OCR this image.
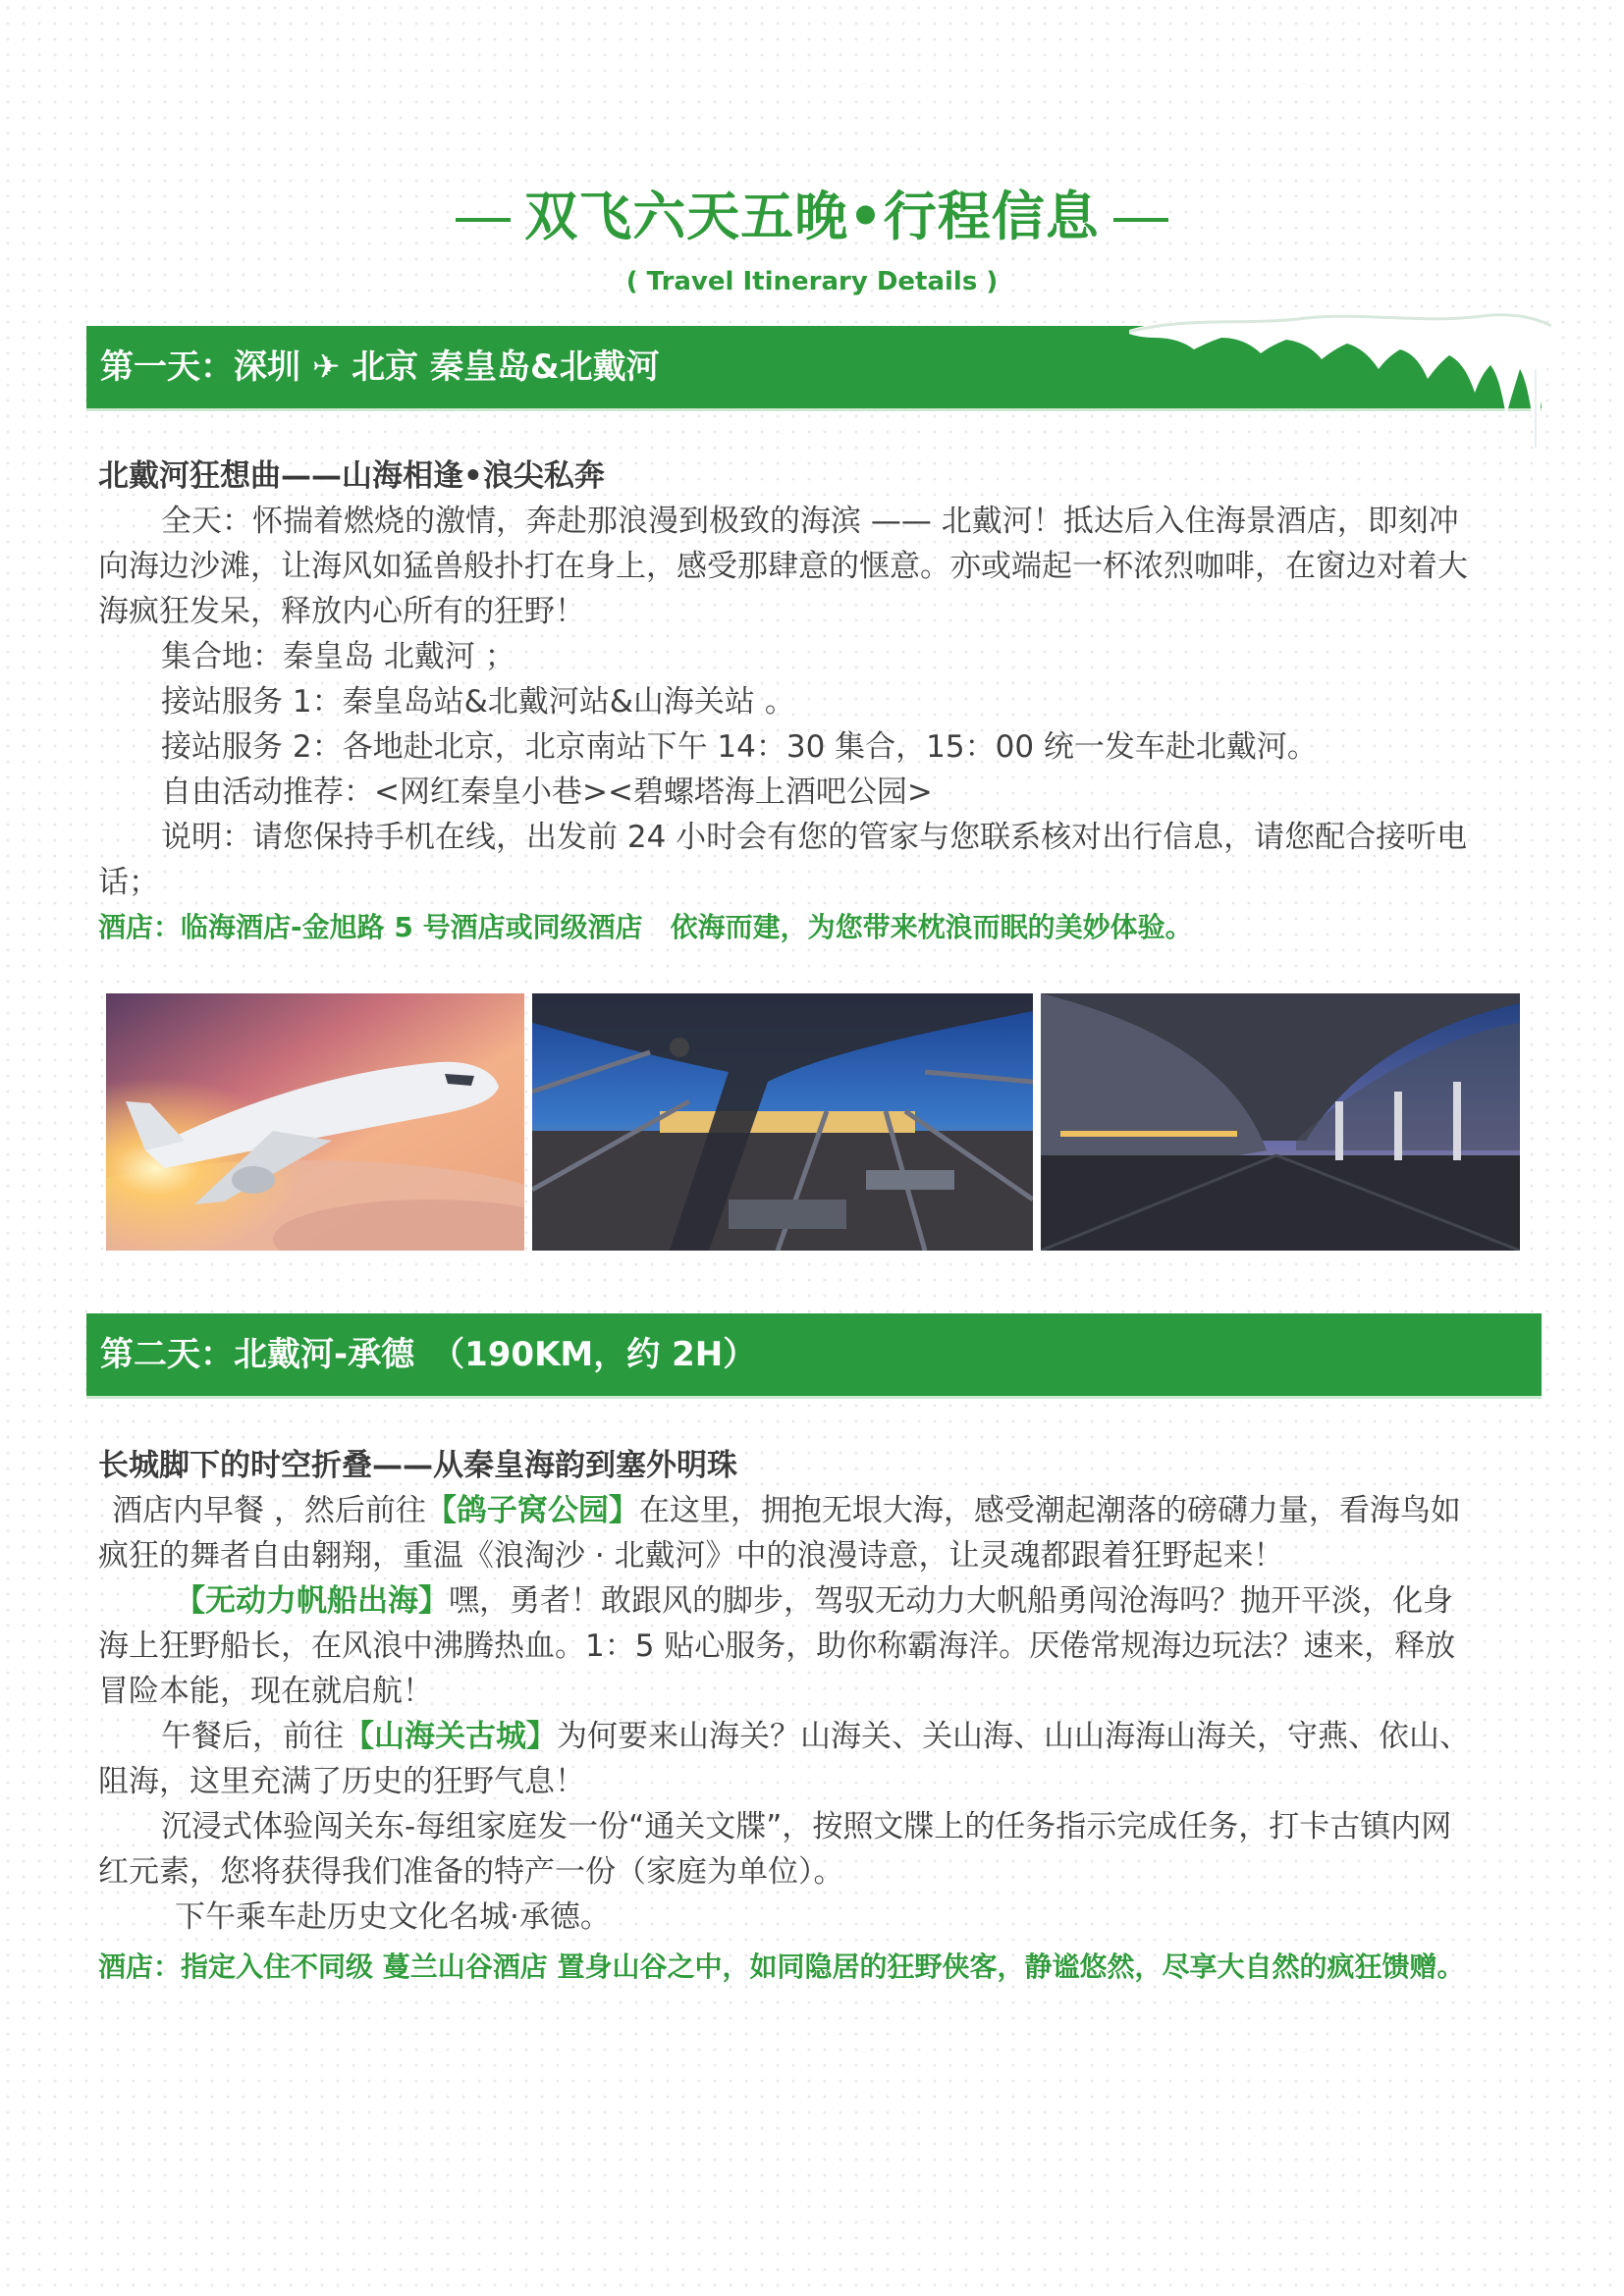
双飞六天五晚•行程信息
( Travel Itinerary Details )
第一天：深圳 ✈ 北京 秦皇岛&北戴河

北戴河狂想曲——山海相逢•浪尖私奔

全天：怀揣着燃烧的激情，奔赴那浪漫到极致的海滨 —— 北戴河！抵达后入住海景酒店，即刻冲向海边沙滩，让海风如猛兽般扑打在身上，感受那肆意的惬意。亦或端起一杯浓烈咖啡，在窗边对着大海疯狂发呆，释放内心所有的狂野！

集合地：秦皇岛 北戴河 ；

接站服务 1：秦皇岛站&北戴河站&山海关站 。

接站服务 2：各地赴北京，北京南站下午 14：30 集合，15：00 统一发车赴北戴河。

自由活动推荐：<网红秦皇小巷><碧螺塔海上酒吧公园>

说明：请您保持手机在线，出发前 24 小时会有您的管家与您联系核对出行信息，请您配合接听电话；

酒店：临海酒店-金旭路 5 号酒店或同级酒店　依海而建，为您带来枕浪而眠的美妙体验。

第二天：北戴河-承德　（190KM，约 2H）

长城脚下的时空折叠——从秦皇海韵到塞外明珠

酒店内早餐 ，然后前往【鸽子窝公园】在这里，拥抱无垠大海，感受潮起潮落的磅礴力量，看海鸟如疯狂的舞者自由翱翔，重温《浪淘沙 · 北戴河》中的浪漫诗意，让灵魂都跟着狂野起来！

【无动力帆船出海】嘿，勇者！敢跟风的脚步，驾驭无动力大帆船勇闯沧海吗？抛开平淡，化身海上狂野船长，在风浪中沸腾热血。1：5 贴心服务，助你称霸海洋。厌倦常规海边玩法？速来，释放冒险本能，现在就启航！

午餐后，前往【山海关古城】为何要来山海关？山海关、关山海、山山海海山海关，守燕、依山、阻海，这里充满了历史的狂野气息！

沉浸式体验闯关东-每组家庭发一份“通关文牒”，按照文牒上的任务指示完成任务，打卡古镇内网红元素，您将获得我们准备的特产一份（家庭为单位）。

下午乘车赴历史文化名城·承德。

酒店：指定入住不同级 蔓兰山谷酒店 置身山谷之中，如同隐居的狂野侠客，静谧悠然，尽享大自然的疯狂馈赠。
